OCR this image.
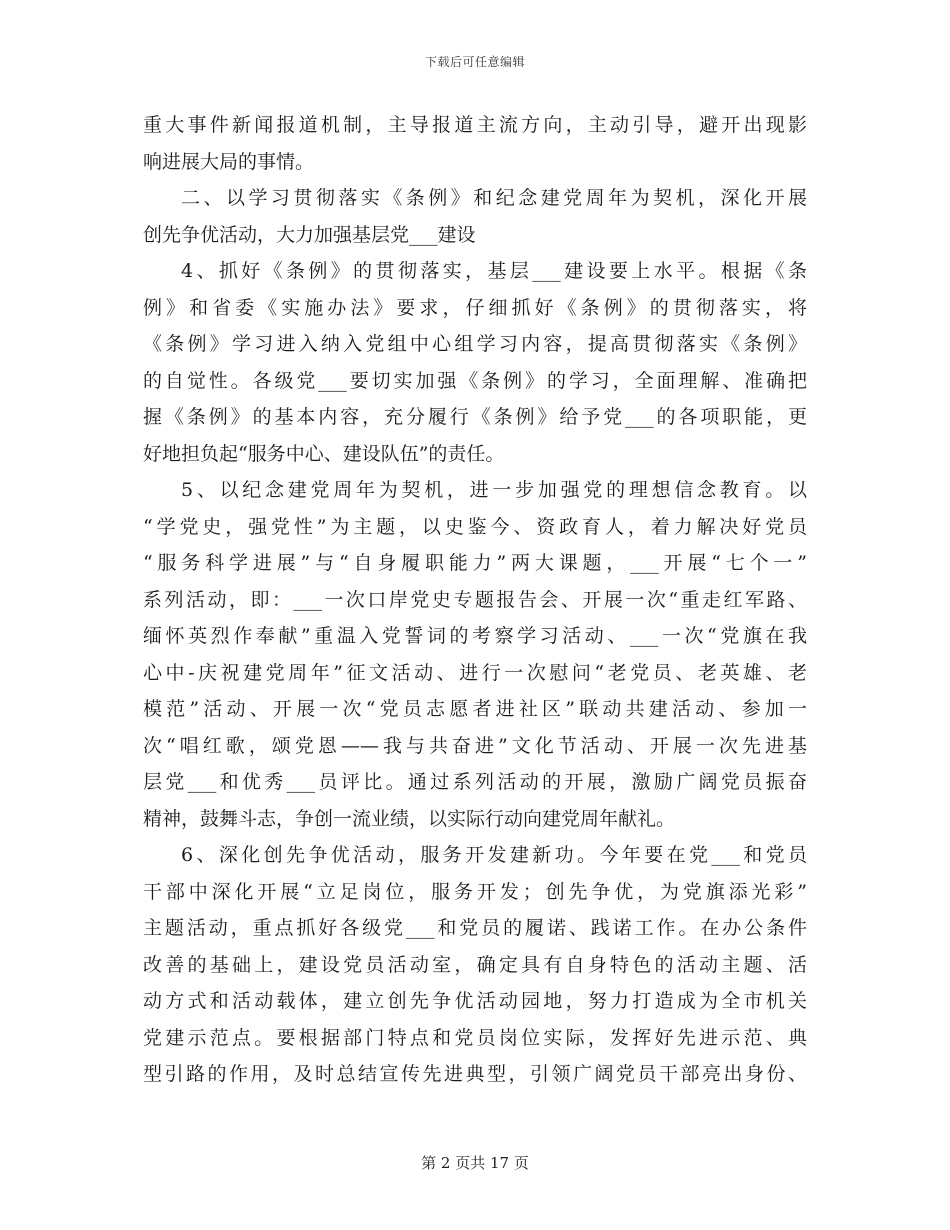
下载后可任意编辑
重大事件新闻报道机制，主导报道主流方向，主动引导，避开出现影
响进展大局的事情。
二、以学习贯彻落实《条例》和纪念建党周年为契机，深化开展
创先争优活动，大力加强基层党___建设
4、抓好《条例》的贯彻落实，基层___建设要上水平。根据《条
例》和省委《实施办法》要求，仔细抓好《条例》的贯彻落实，将
《条例》学习进入纳入党组中心组学习内容，提高贯彻落实《条例》
的自觉性。各级党___要切实加强《条例》的学习，全面理解、准确把
握《条例》的基本内容，充分履行《条例》给予党___的各项职能，更
好地担负起“服务中心、建设队伍”的责任。
5、以纪念建党周年为契机，进一步加强党的理想信念教育。以
“学党史，强党性”为主题，以史鉴今、资政育人，着力解决好党员
“服务科学进展”与“自身履职能力”两大课题，___开展“七个一”
系列活动，即：___一次口岸党史专题报告会、开展一次“重走红军路、
缅怀英烈作奉献”重温入党誓词的考察学习活动、___一次“党旗在我
心中-庆祝建党周年”征文活动、进行一次慰问“老党员、老英雄、老
模范”活动、开展一次“党员志愿者进社区”联动共建活动、参加一
次“唱红歌，颂党恩——我与共奋进”文化节活动、开展一次先进基
层党___和优秀___员评比。通过系列活动的开展，激励广阔党员振奋
精神，鼓舞斗志，争创一流业绩，以实际行动向建党周年献礼。
6、深化创先争优活动，服务开发建新功。今年要在党___和党员
干部中深化开展“立足岗位，服务开发；创先争优，为党旗添光彩”
主题活动，重点抓好各级党___和党员的履诺、践诺工作。在办公条件
改善的基础上，建设党员活动室，确定具有自身特色的活动主题、活
动方式和活动载体，建立创先争优活动园地，努力打造成为全市机关
党建示范点。要根据部门特点和党员岗位实际，发挥好先进示范、典
型引路的作用，及时总结宣传先进典型，引领广阔党员干部亮出身份、
第 2 页共 17 页
